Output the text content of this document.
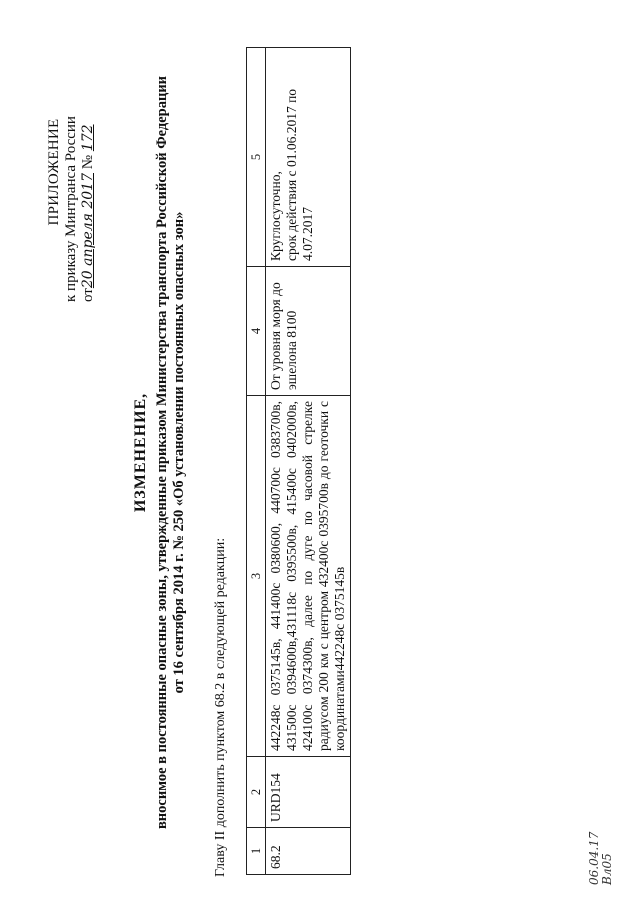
ПРИЛОЖЕНИЕ к приказу Минтранса России от20 апреля 2017 № 172
ИЗМЕНЕНИЕ, вносимое в постоянные опасные зоны, утвержденные приказом Министерства транспорта Российской Федерации от 16 сентября 2014 г. № 250 «Об установлении постоянных опасных зон»
Главу II дополнить пунктом 68.2 в следующей редакции: 1	2	3	4	5
68.2	URD154	442248с 0375145в, 441400с 0380600, 440700с 0383700в, 431500с 0394600в,431118с 0395500в, 415400с 0402000в, 424100с 0374300в, далее по дуге по часовой стрелке радиусом 200 км с центром 432400с 0395700в до геоточки с координатами442248с 0375145в	От уровня моря до эшелона 8100	Круглосуточно, срок действия с 01.06.2017 по 4.07.2017
06.04.17 Вл05
